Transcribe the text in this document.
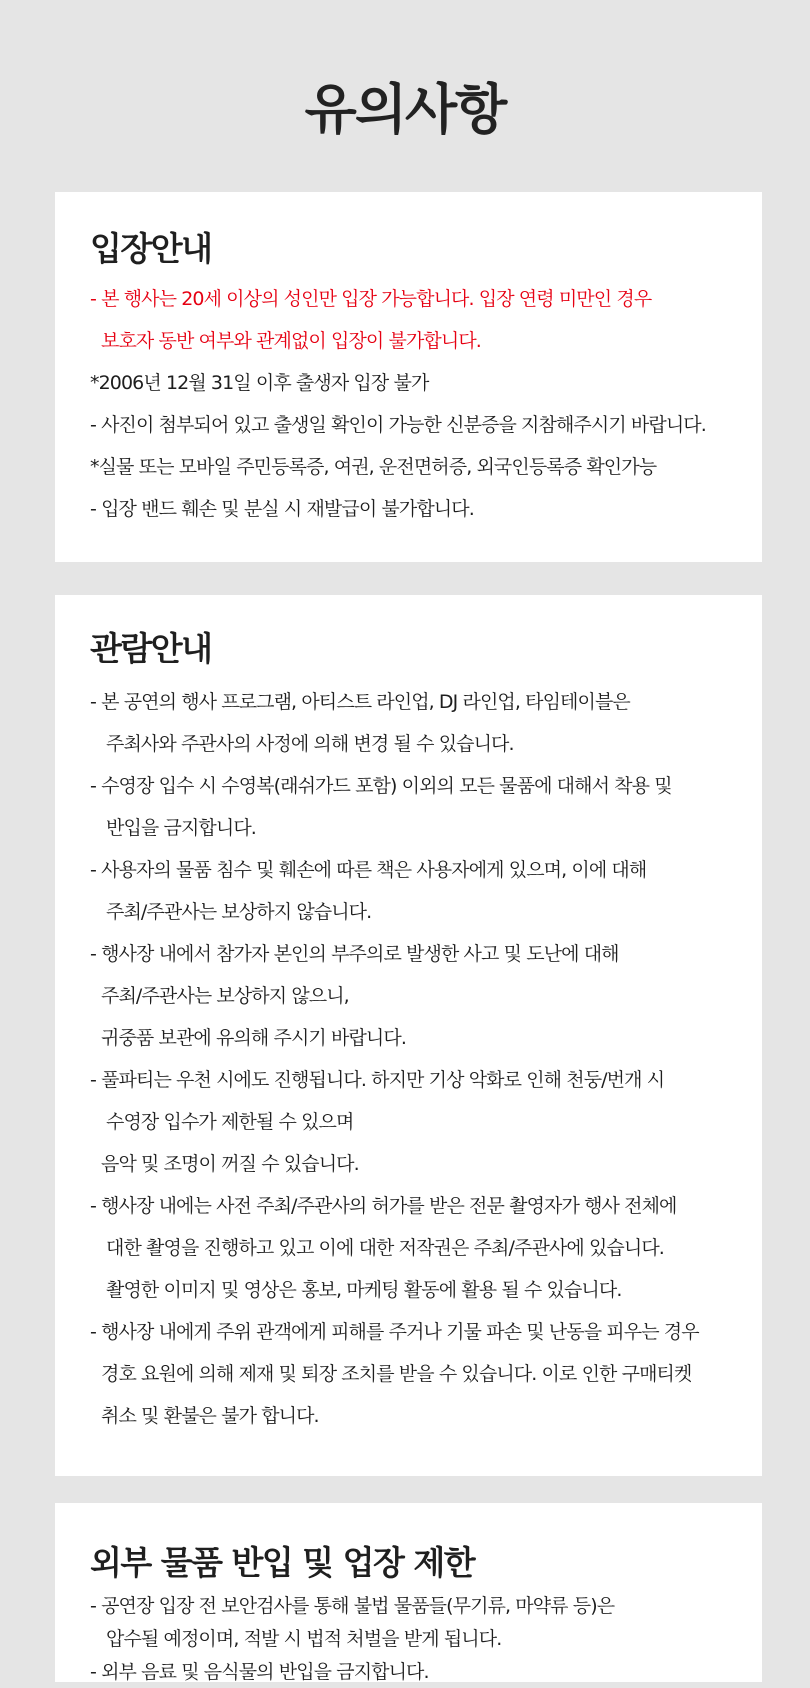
유의사항
입장안내
- 본 행사는 20세 이상의 성인만 입장 가능합니다. 입장 연령 미만인 경우
보호자 동반 여부와 관계없이 입장이 불가합니다.
*2006년 12월 31일 이후 출생자 입장 불가
- 사진이 첨부되어 있고 출생일 확인이 가능한 신분증을 지참해주시기 바랍니다.
*실물 또는 모바일 주민등록증, 여권, 운전면허증, 외국인등록증 확인가능
- 입장 밴드 훼손 및 분실 시 재발급이 불가합니다.
관람안내
- 본 공연의 행사 프로그램, 아티스트 라인업, DJ 라인업, 타임테이블은
주최사와 주관사의 사정에 의해 변경 될 수 있습니다.
- 수영장 입수 시 수영복(래쉬가드 포함) 이외의 모든 물품에 대해서 착용 및
반입을 금지합니다.
- 사용자의 물품 침수 및 훼손에 따른 책은 사용자에게 있으며, 이에 대해
주최/주관사는 보상하지 않습니다.
- 행사장 내에서 참가자 본인의 부주의로 발생한 사고 및 도난에 대해
주최/주관사는 보상하지 않으니,
귀중품 보관에 유의해 주시기 바랍니다.
- 풀파티는 우천 시에도 진행됩니다. 하지만 기상 악화로 인해 천둥/번개 시
수영장 입수가 제한될 수 있으며
음악 및 조명이 꺼질 수 있습니다.
- 행사장 내에는 사전 주최/주관사의 허가를 받은 전문 촬영자가 행사 전체에
대한 촬영을 진행하고 있고 이에 대한 저작권은 주최/주관사에 있습니다.
촬영한 이미지 및 영상은 홍보, 마케팅 활동에 활용 될 수 있습니다.
- 행사장 내에게 주위 관객에게 피해를 주거나 기물 파손 및 난동을 피우는 경우
경호 요원에 의해 제재 및 퇴장 조치를 받을 수 있습니다. 이로 인한 구매티켓
취소 및 환불은 불가 합니다.
외부 물품 반입 및 업장 제한
- 공연장 입장 전 보안검사를 통해 불법 물품들(무기류, 마약류 등)은
압수될 예정이며, 적발 시 법적 처벌을 받게 됩니다.
- 외부 음료 및 음식물의 반입을 금지합니다.
